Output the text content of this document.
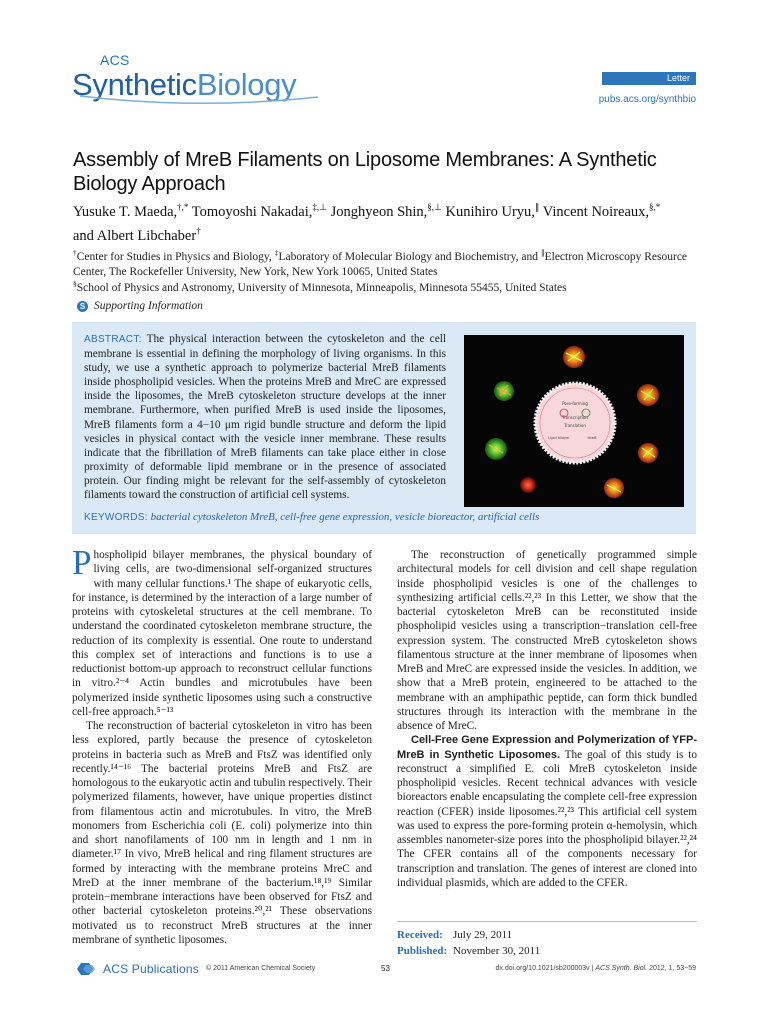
ACS
SyntheticBiology	Letter
pubs.acs.org/synthbio
Assembly of MreB Filaments on Liposome Membranes: A Synthetic Biology Approach
Yusuke T. Maeda,†,* Tomoyoshi Nakadai,‡,⊥ Jonghyeon Shin,§,⊥ Kunihiro Uryu,∥ Vincent Noireaux,§,*
and Albert Libchaber†
†Center for Studies in Physics and Biology, ‡Laboratory of Molecular Biology and Biochemistry, and ∥Electron Microscopy Resource Center, The Rockefeller University, New York, New York 10065, United States
§School of Physics and Astronomy, University of Minnesota, Minneapolis, Minnesota 55455, United States
S Supporting Information
ABSTRACT: The physical interaction between the cytoskeleton and the cell membrane is essential in defining the morphology of living organisms. In this study, we use a synthetic approach to polymerize bacterial MreB filaments inside phospholipid vesicles. When the proteins MreB and MreC are expressed inside the liposomes, the MreB cytoskeleton structure develops at the inner membrane. Furthermore, when purified MreB is used inside the liposomes, MreB filaments form a 4−10 μm rigid bundle structure and deform the lipid vesicles in physical contact with the vesicle inner membrane. These results indicate that the fibrillation of MreB filaments can take place either in close proximity of deformable lipid membrane or in the presence of associated protein. Our finding might be relevant for the self-assembly of cytoskeleton filaments toward the construction of artificial cell systems.
Pore-forming
Transcription
Translation
Lipid bilayer	MreB
KEYWORDS: bacterial cytoskeleton MreB, cell-free gene expression, vesicle bioreactor, artificial cells

Phospholipid bilayer membranes, the physical boundary of living cells, are two-dimensional self-organized structures with many cellular functions.¹ The shape of eukaryotic cells, for instance, is determined by the interaction of a large number of proteins with cytoskeletal structures at the cell membrane. To understand the coordinated cytoskeleton membrane structure, the reduction of its complexity is essential. One route to understand this complex set of interactions and functions is to use a reductionist bottom-up approach to reconstruct cellular functions in vitro.²⁻⁴ Actin bundles and microtubules have been polymerized inside synthetic liposomes using such a constructive cell-free approach.⁵⁻¹³

The reconstruction of bacterial cytoskeleton in vitro has been less explored, partly because the presence of cytoskeleton proteins in bacteria such as MreB and FtsZ was identified only recently.¹⁴⁻¹⁶ The bacterial proteins MreB and FtsZ are homologous to the eukaryotic actin and tubulin respectively. Their polymerized filaments, however, have unique properties distinct from filamentous actin and microtubules. In vitro, the MreB monomers from Escherichia coli (E. coli) polymerize into thin and short nanofilaments of 100 nm in length and 1 nm in diameter.¹⁷ In vivo, MreB helical and ring filament structures are formed by interacting with the membrane proteins MreC and MreD at the inner membrane of the bacterium.¹⁸,¹⁹ Similar protein−membrane interactions have been observed for FtsZ and other bacterial cytoskeleton proteins.²⁰,²¹ These observations motivated us to reconstruct MreB structures at the inner membrane of synthetic liposomes.

The reconstruction of genetically programmed simple architectural models for cell division and cell shape regulation inside phospholipid vesicles is one of the challenges to synthesizing artificial cells.²²,²³ In this Letter, we show that the bacterial cytoskeleton MreB can be reconstituted inside phospholipid vesicles using a transcription−translation cell-free expression system. The constructed MreB cytoskeleton shows filamentous structure at the inner membrane of liposomes when MreB and MreC are expressed inside the vesicles. In addition, we show that a MreB protein, engineered to be attached to the membrane with an amphipathic peptide, can form thick bundled structures through its interaction with the membrane in the absence of MreC.

Cell-Free Gene Expression and Polymerization of YFP-MreB in Synthetic Liposomes. The goal of this study is to reconstruct a simplified E. coli MreB cytoskeleton inside phospholipid vesicles. Recent technical advances with vesicle bioreactors enable encapsulating the complete cell-free expression reaction (CFER) inside liposomes.²²,²³ This artificial cell system was used to express the pore-forming protein α-hemolysin, which assembles nanometer-size pores into the phospholipid bilayer.²²,²⁴ The CFER contains all of the components necessary for transcription and translation. The genes of interest are cloned into individual plasmids, which are added to the CFER.

Received: July 29, 2011
Published: November 30, 2011
ACS Publications © 2011 American Chemical Society	53	dx.doi.org/10.1021/sb200003v | ACS Synth. Biol. 2012, 1, 53−59
